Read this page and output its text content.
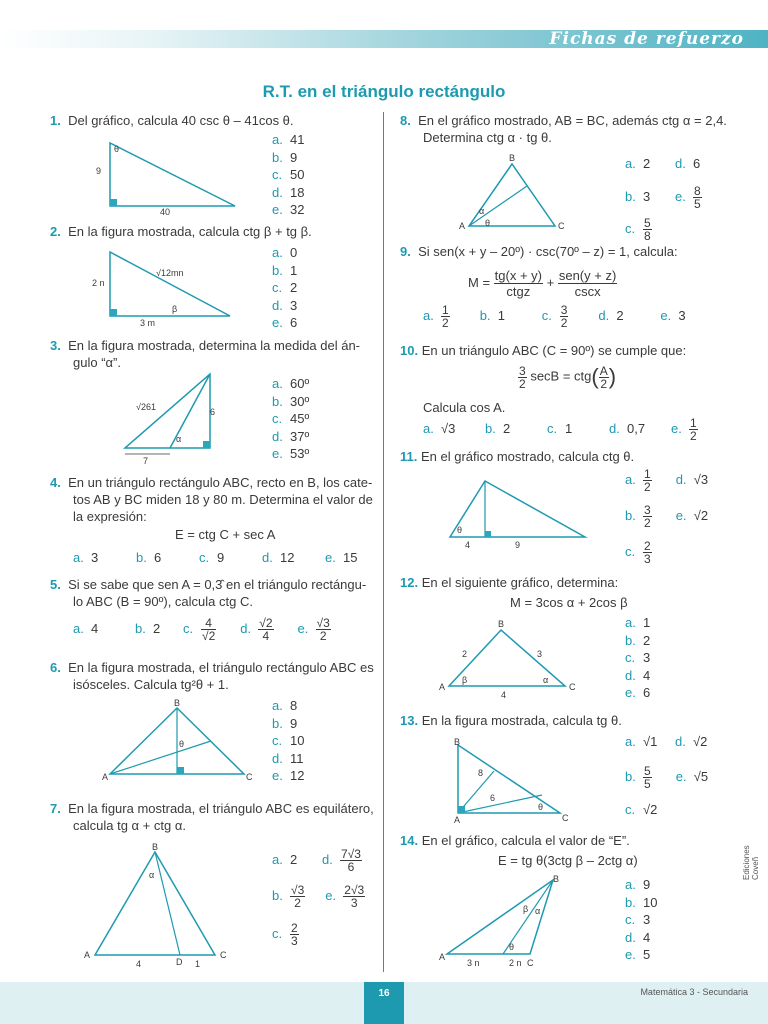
Fichas de refuerzo
R.T. en el triángulo rectángulo
1. Del gráfico, calcula 40 csc θ – 41cos θ.
θ
9
40
a. 41
b. 9
c. 50
d. 18
e. 32
2. En la figura mostrada, calcula ctg β + tg β.
2 n
√12mn
β
3 m
a. 0
b. 1
c. 2
d. 3
e. 6
3. En la figura mostrada, determina la medida del án-
gulo “α”.
√261	6
α
7
a. 60º
b. 30º
c. 45º
d. 37º
e. 53º
4. En un triángulo rectángulo ABC, recto en B, los cate-
tos AB y BC miden 18 y 80 m. Determina el valor de
la expresión:
E = ctg C + sec A
a. 3	b. 6	c. 9	d. 12 e. 15
5. Si se sabe que sen A = 0,3̂ en el triángulo rectángu-
lo ABC (B = 90º), calcula ctg C.
a. 4	b. 2 c. $\frac{4}{√2} d$. $\frac{√2}{4} e$. $\frac{√3}{2}$
6. En la figura mostrada, el triángulo rectángulo ABC es
isósceles. Calcula tg²θ + 1.
A
B
C
θ
a. 8
b. 9
c. 10
d. 11
e. 12
7. En la figura mostrada, el triángulo ABC es equilátero,
calcula tg α + ctg α.
A
B
C
D
α
4	1
a. 2 d. $\frac{7√3}{6}$
b. $\frac{√3}{2} e$. $\frac{2√3}{3}$
c. $\frac{2}{3}$
8. En el gráfico mostrado, AB = BC, además ctg α = 2,4.
Determina ctg α · tg θ.
A
B
C
α
θ
a. 2 d. 6
b. 3 e. $\frac{8}{5}$
c. $\frac{5}{8}$
9. Si sen(x + y – 20º) · csc(70º – z) = 1, calcula:
$M = \frac{tg(x + y)}{\text{ctgz}} + \frac{\text{sen(y + z)}}{\csc x}$
a. $\frac{1}{2} b$. 1	c. $\frac{3}{2} d$. 2	e. 3
10. En un triángulo ABC (C = 90º) se cumple que:
$\frac{3}{2}$ $\sec B = ctg( \frac{A}{2}$ )
Calcula cos A.
a. √3 b. 2	c. 1	d. 0,7 e. $\frac{1}{2}$
11. En el gráfico mostrado, calcula ctg θ.
θ
4	9
a. $\frac{1}{2} d$. √3
b. $\frac{3}{2} e$. √2
c. $\frac{2}{3}$
12. En el siguiente gráfico, determina:
M = 3cos α + 2cos β
A
B
C
2	3
4
β	α
a. 1
b. 2
c. 3
d. 4
e. 6
13. En la figura mostrada, calcula tg θ.
B
A	C
8
6
θ
a. √1 d. √2
b. $\frac{5}{5} e$. √5
c. √2
14. En el gráfico, calcula el valor de “E”.
E = tg θ(3ctg β – 2ctg α)
A
B
C
β α
θ
3 n	2 n
a. 9
b. 10
c. 3
d. 4
e. 5
Ediciones Coveñ
16	Matemática 3 - Secundaria
